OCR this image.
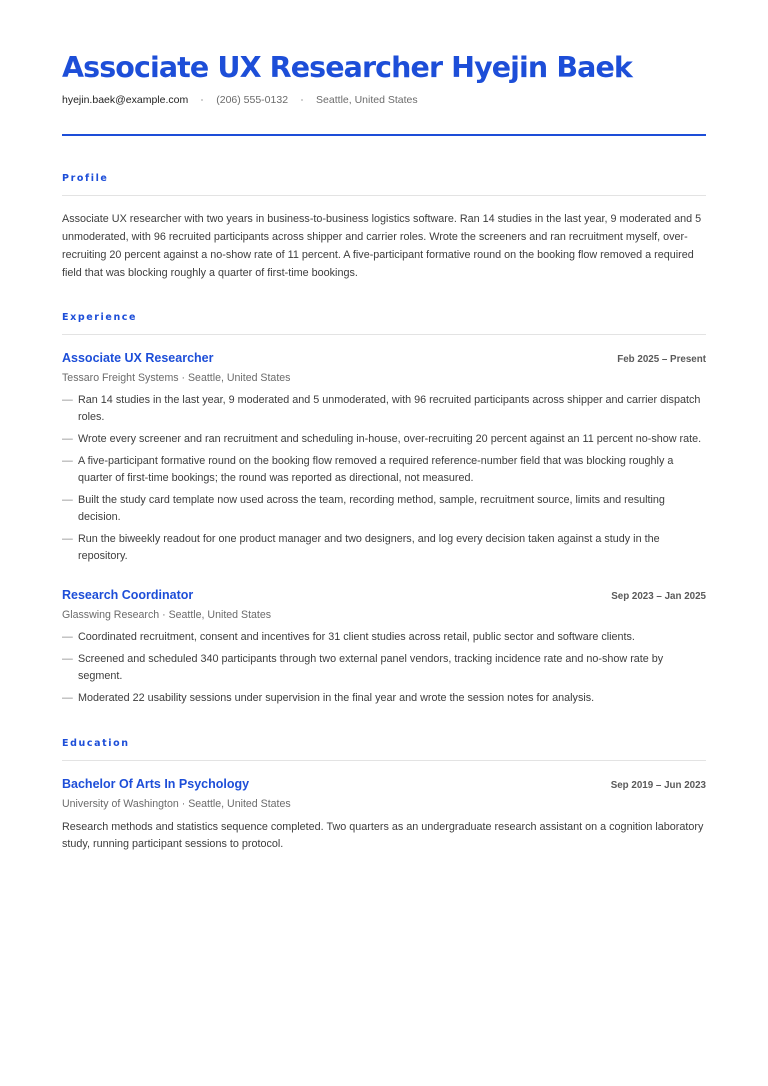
Associate UX Researcher Hyejin Baek
hyejin.baek@example.com	(206) 555-0132	Seattle, United States
Profile

Associate UX researcher with two years in business-to-business logistics software. Ran 14 studies in the last year, 9 moderated and 5 unmoderated, with 96 recruited participants across shipper and carrier roles. Wrote the screeners and ran recruitment myself, over-recruiting 20 percent against a no-show rate of 11 percent. A five-participant formative round on the booking flow removed a required field that was blocking roughly a quarter of first-time bookings.

Experience
Associate UX Researcher	Feb 2025 – Present
Tessaro Freight Systems · Seattle, United States
— Ran 14 studies in the last year, 9 moderated and 5 unmoderated, with 96 recruited participants across shipper and carrier dispatch roles.
— Wrote every screener and ran recruitment and scheduling in-house, over-recruiting 20 percent against an 11 percent no-show rate.
— A five-participant formative round on the booking flow removed a required reference-number field that was blocking roughly a quarter of first-time bookings; the round was reported as directional, not measured.
— Built the study card template now used across the team, recording method, sample, recruitment source, limits and resulting decision.
— Run the biweekly readout for one product manager and two designers, and log every decision taken against a study in the repository.
Research Coordinator	Sep 2023 – Jan 2025
Glasswing Research · Seattle, United States
— Coordinated recruitment, consent and incentives for 31 client studies across retail, public sector and software clients.
— Screened and scheduled 340 participants through two external panel vendors, tracking incidence rate and no-show rate by segment.
— Moderated 22 usability sessions under supervision in the final year and wrote the session notes for analysis.
Education
Bachelor Of Arts In Psychology	Sep 2019 – Jun 2023
University of Washington · Seattle, United States

Research methods and statistics sequence completed. Two quarters as an undergraduate research assistant on a cognition laboratory study, running participant sessions to protocol.
